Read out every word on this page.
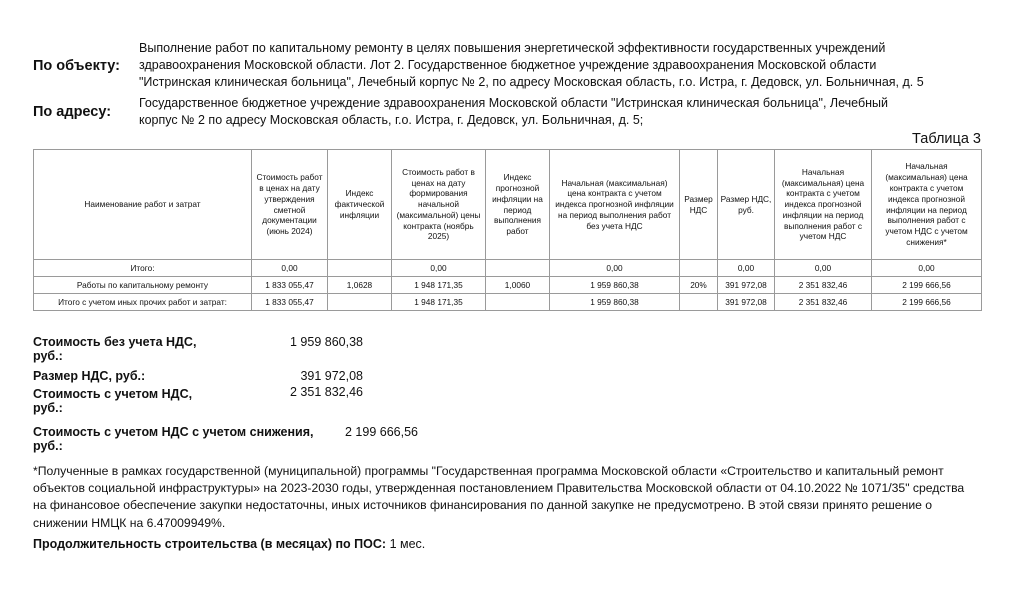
По объекту:
Выполнение работ по капитальному ремонту в целях повышения энергетической эффективности государственных учреждений
здравоохранения Московской области. Лот 2. Государственное бюджетное учреждение здравоохранения Московской области
"Истринская клиническая больница", Лечебный корпус № 2, по адресу Московская область, г.о. Истра, г. Дедовск, ул. Больничная, д. 5
По адресу:
Государственное бюджетное учреждение здравоохранения Московской области "Истринская клиническая больница", Лечебный
корпус № 2 по адресу Московская область, г.о. Истра, г. Дедовск, ул. Больничная, д. 5;
Таблица 3
Наименование работ и затрат	Стоимость работ в ценах на дату утверждения сметной документации (июнь 2024)	Индекс фактической инфляции	Стоимость работ в ценах на дату формирования начальной (максимальной) цены контракта (ноябрь 2025)	Индекс прогнозной инфляции на период выполнения работ	Начальная (максимальная) цена контракта с учетом индекса прогнозной инфляции на период выполнения работ без учета НДС	Размер НДС	Размер НДС, руб.	Начальная (максимальная) цена контракта с учетом индекса прогнозной инфляции на период выполнения работ с учетом НДС	Начальная (максимальная) цена контракта с учетом индекса прогнозной инфляции на период выполнения работ с учетом НДС с учетом снижения*
Итого:	0,00		0,00		0,00		0,00	0,00	0,00
Работы по капитальному ремонту	1 833 055,47	1,0628	1 948 171,35	1,0060	1 959 860,38	20%	391 972,08	2 351 832,46	2 199 666,56
Итого с учетом иных прочих работ и затрат:	1 833 055,47		1 948 171,35		1 959 860,38		391 972,08	2 351 832,46	2 199 666,56
Стоимость без учета НДС,
руб.:
1 959 860,38
Размер НДС, руб.:	391 972,08
Стоимость с учетом НДС,
руб.:
2 351 832,46
Стоимость с учетом НДС с учетом снижения,
руб.:
2 199 666,56
*Полученные в рамках государственной (муниципальной) программы "Государственная программа Московской области «Строительство и капитальный ремонт
объектов социальной инфраструктуры» на 2023-2030 годы, утвержденная постановлением Правительства Московской области от 04.10.2022 № 1071/35" средства
на финансовое обеспечение закупки недостаточны, иных источников финансирования по данной закупке не предусмотрено. В этой связи принято решение о
снижении НМЦК на 6.47009949%.
Продолжительность строительства (в месяцах) по ПОС: 1 мес.
